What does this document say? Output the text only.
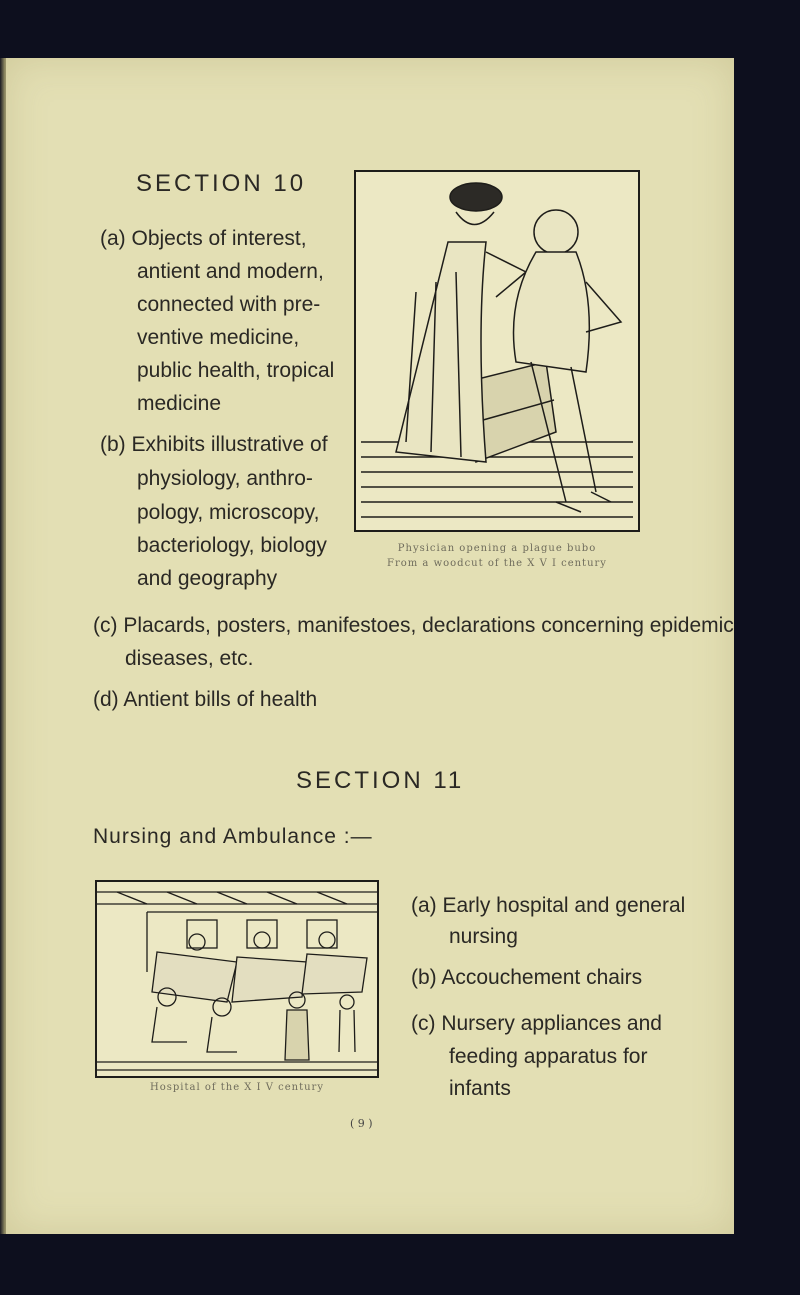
SECTION 10
(a) Objects of interest,
antient and modern,
connected with pre-
ventive medicine,
public health, tropical
medicine
(b) Exhibits illustrative of
physiology, anthro-
pology, microscopy,
bacteriology, biology
and geography
Physician opening a plague bubo
From a woodcut of the X V I century
(c) Placards, posters, manifestoes, declarations concerning epidemic
diseases, etc.
(d) Antient bills of health
SECTION 11
Nursing and Ambulance :—
Hospital of the X I V century
(a) Early hospital and general
nursing
(b) Accouchement chairs
(c) Nursery appliances and
feeding apparatus for
infants
( 9 )
